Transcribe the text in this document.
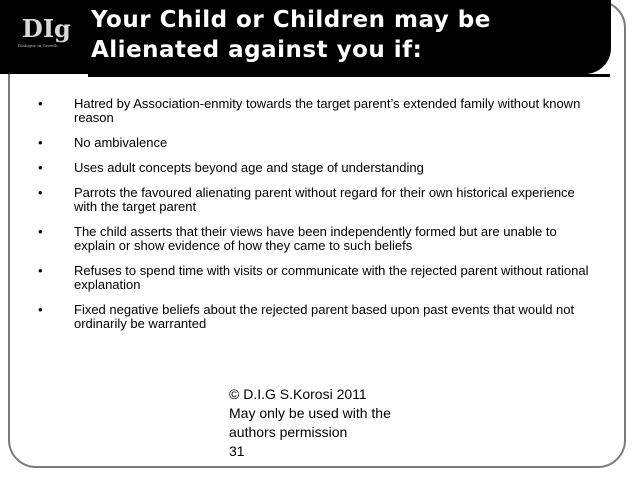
DIg
Dialogue in Growth
Your Child or Children may be
Alienated against you if:
• Hatred by Association-enmity towards the target parent’s extended family without known reason
• No ambivalence
• Uses adult concepts beyond age and stage of understanding
• Parrots the favoured alienating parent without regard for their own historical experience with the target parent
• The child asserts that their views have been independently formed but are unable to explain or show evidence of how they came to such beliefs
• Refuses to spend time with visits or communicate with the rejected parent without rational explanation
• Fixed negative beliefs about the rejected parent based upon past events that would not ordinarily be warranted
© D.I.G S.Korosi 2011
May only be used with the
authors permission
31
